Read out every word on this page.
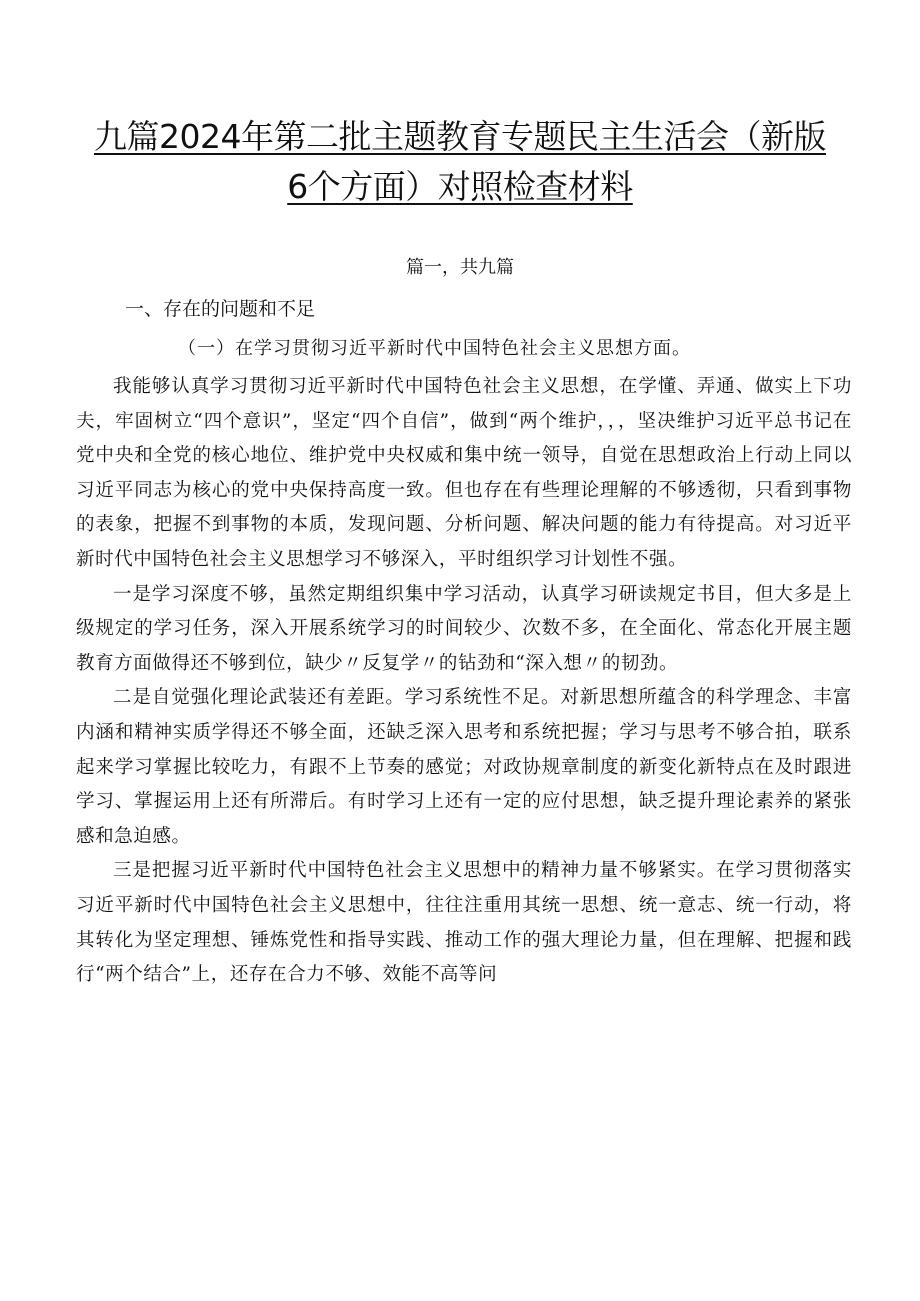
九篇2024年第二批主题教育专题民主生活会（新版
6个方面）对照检查材料
篇一，共九篇
一、存在的问题和不足
（一）在学习贯彻习近平新时代中国特色社会主义思想方面。

我能够认真学习贯彻习近平新时代中国特色社会主义思想，在学懂、弄通、做实上下功夫，牢固树立“四个意识”，坚定“四个自信”，做到“两个维护，，，坚决维护习近平总书记在党中央和全党的核心地位、维护党中央权威和集中统一领导，自觉在思想政治上行动上同以习近平同志为核心的党中央保持高度一致。但也存在有些理论理解的不够透彻，只看到事物的表象，把握不到事物的本质，发现问题、分析问题、解决问题的能力有待提高。对习近平新时代中国特色社会主义思想学习不够深入，平时组织学习计划性不强。

一是学习深度不够，虽然定期组织集中学习活动，认真学习研读规定书目，但大多是上级规定的学习任务，深入开展系统学习的时间较少、次数不多，在全面化、常态化开展主题教育方面做得还不够到位，缺少〃反复学〃的钻劲和“深入想〃的韧劲。

二是自觉强化理论武装还有差距。学习系统性不足。对新思想所蕴含的科学理念、丰富内涵和精神实质学得还不够全面，还缺乏深入思考和系统把握；学习与思考不够合拍，联系起来学习掌握比较吃力，有跟不上节奏的感觉；对政协规章制度的新变化新特点在及时跟进学习、掌握运用上还有所滞后。有时学习上还有一定的应付思想，缺乏提升理论素养的紧张感和急迫感。

三是把握习近平新时代中国特色社会主义思想中的精神力量不够紧实。在学习贯彻落实习近平新时代中国特色社会主义思想中，往往注重用其统一思想、统一意志、统一行动，将其转化为坚定理想、锤炼党性和指导实践、推动工作的强大理论力量，但在理解、把握和践行“两个结合”上，还存在合力不够、效能不高等问
